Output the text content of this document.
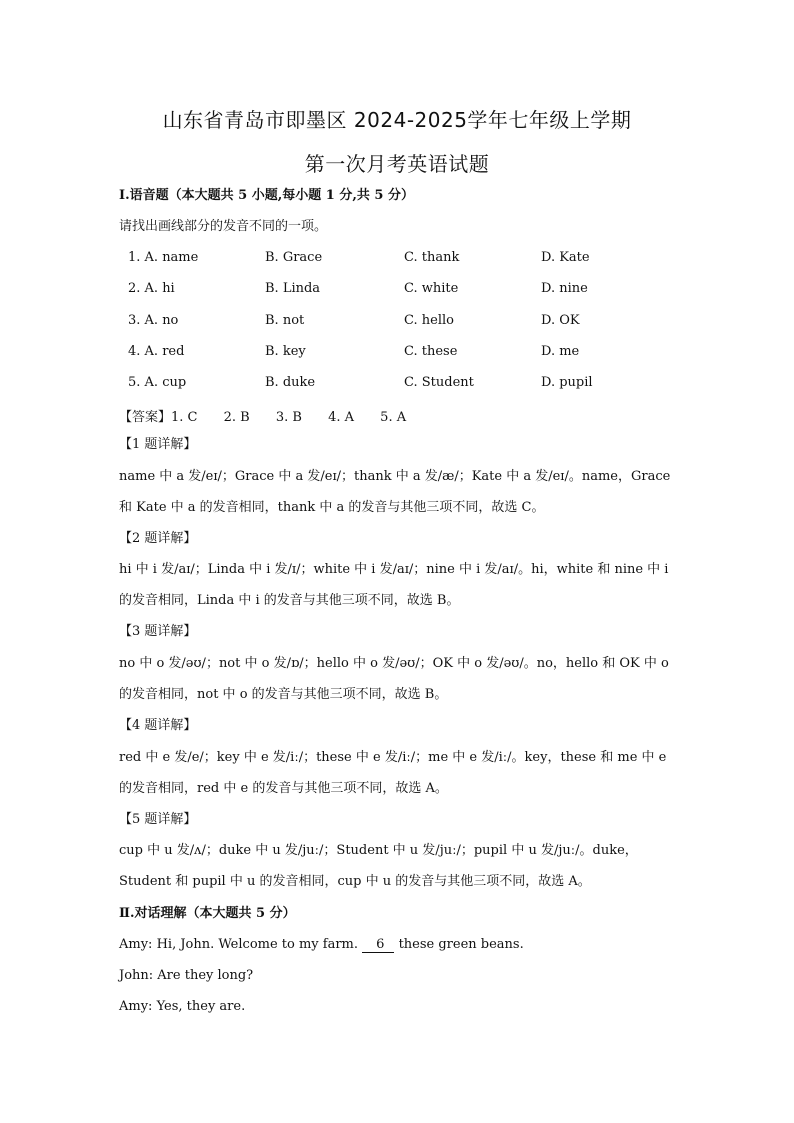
山东省青岛市即墨区 2024-2025学年七年级上学期
第一次月考英语试题
Ⅰ.语音题（本大题共 5 小题,每小题 1 分,共 5 分）
请找出画线部分的发音不同的一项。
1. A. name	B. Grace	C. thank	D. Kate
2. A. hi	B. Linda	C. white	D. nine
3. A. no	B. not	C. hello	D. OK
4. A. red	B. key	C. these	D. me
5. A. cup	B. duke	C. Student	D. pupil
【答案】1. C 2. B 3. B 4. A 5. A
【1 题详解】
name 中 a 发/eɪ/；Grace 中 a 发/eɪ/；thank 中 a 发/æ/；Kate 中 a 发/eɪ/。name，Grace 和 Kate 中 a 的发音相同，thank 中 a 的发音与其他三项不同，故选 C。
【2 题详解】
hi 中 i 发/aɪ/；Linda 中 i 发/ɪ/；white 中 i 发/aɪ/；nine 中 i 发/aɪ/。hi，white 和 nine 中 i 的发音相同，Linda 中 i 的发音与其他三项不同，故选 B。
【3 题详解】
no 中 o 发/əʊ/；not 中 o 发/ɒ/；hello 中 o 发/əʊ/；OK 中 o 发/əʊ/。no，hello 和 OK 中 o 的发音相同，not 中 o 的发音与其他三项不同，故选 B。
【4 题详解】
red 中 e 发/e/；key 中 e 发/iː/；these 中 e 发/iː/；me 中 e 发/iː/。key，these 和 me 中 e 的发音相同，red 中 e 的发音与其他三项不同，故选 A。
【5 题详解】
cup 中 u 发/ʌ/；duke 中 u 发/juː/；Student 中 u 发/juː/；pupil 中 u 发/juː/。duke，Student 和 pupil 中 u 的发音相同，cup 中 u 的发音与其他三项不同，故选 A。
Ⅱ.对话理解（本大题共 5 分）
Amy: Hi, John. Welcome to my farm. 6 these green beans.
John: Are they long?
Amy: Yes, they are.
